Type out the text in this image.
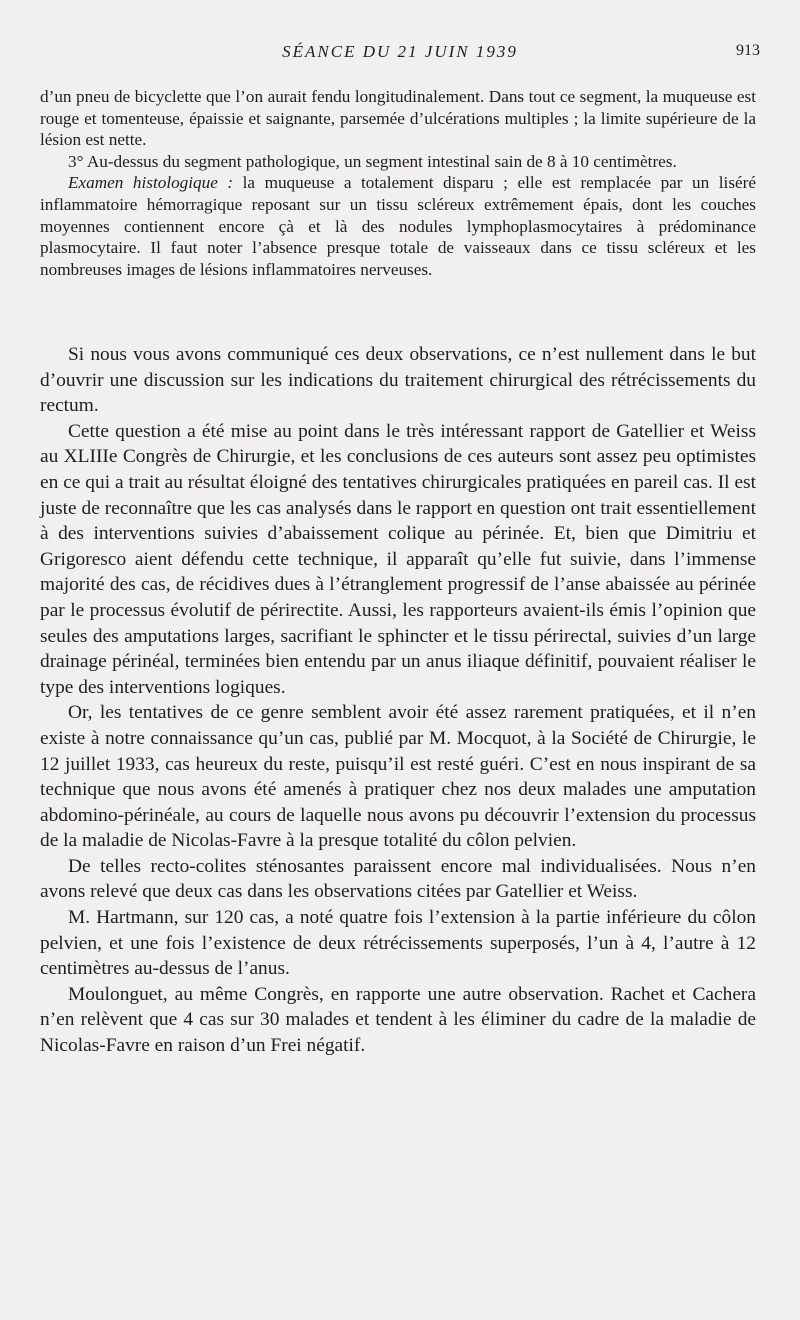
SÉANCE DU 21 JUIN 1939	913

d’un pneu de bicyclette que l’on aurait fendu longitudinalement. Dans tout ce segment, la muqueuse est rouge et tomenteuse, épaissie et saignante, parsemée d’ulcérations multiples ; la limite supérieure de la lésion est nette.

3° Au-dessus du segment pathologique, un segment intestinal sain de 8 à 10 centimètres.

Examen histologique : la muqueuse a totalement disparu ; elle est remplacée par un liséré inflammatoire hémorragique reposant sur un tissu scléreux extrêmement épais, dont les couches moyennes contiennent encore çà et là des nodules lymphoplasmocytaires à prédominance plasmocytaire. Il faut noter l’absence presque totale de vaisseaux dans ce tissu scléreux et les nombreuses images de lésions inflammatoires nerveuses.

Si nous vous avons communiqué ces deux observations, ce n’est nullement dans le but d’ouvrir une discussion sur les indications du traitement chirurgical des rétrécissements du rectum.

Cette question a été mise au point dans le très intéressant rapport de Gatellier et Weiss au XLIIIe Congrès de Chirurgie, et les conclusions de ces auteurs sont assez peu optimistes en ce qui a trait au résultat éloigné des tentatives chirurgicales pratiquées en pareil cas. Il est juste de reconnaître que les cas analysés dans le rapport en question ont trait essentiellement à des interventions suivies d’abaissement colique au périnée. Et, bien que Dimitriu et Grigoresco aient défendu cette technique, il apparaît qu’elle fut suivie, dans l’immense majorité des cas, de récidives dues à l’étranglement progressif de l’anse abaissée au périnée par le processus évolutif de périrectite. Aussi, les rapporteurs avaient-ils émis l’opinion que seules des amputations larges, sacrifiant le sphincter et le tissu périrectal, suivies d’un large drainage périnéal, terminées bien entendu par un anus iliaque définitif, pouvaient réaliser le type des interventions logiques.

Or, les tentatives de ce genre semblent avoir été assez rarement pratiquées, et il n’en existe à notre connaissance qu’un cas, publié par M. Mocquot, à la Société de Chirurgie, le 12 juillet 1933, cas heureux du reste, puisqu’il est resté guéri. C’est en nous inspirant de sa technique que nous avons été amenés à pratiquer chez nos deux malades une amputation abdomino-périnéale, au cours de laquelle nous avons pu découvrir l’extension du processus de la maladie de Nicolas-Favre à la presque totalité du côlon pelvien.

De telles recto-colites sténosantes paraissent encore mal individualisées. Nous n’en avons relevé que deux cas dans les observations citées par Gatellier et Weiss.

M. Hartmann, sur 120 cas, a noté quatre fois l’extension à la partie inférieure du côlon pelvien, et une fois l’existence de deux rétrécissements superposés, l’un à 4, l’autre à 12 centimètres au-dessus de l’anus.

Moulonguet, au même Congrès, en rapporte une autre observation. Rachet et Cachera n’en relèvent que 4 cas sur 30 malades et tendent à les éliminer du cadre de la maladie de Nicolas-Favre en raison d’un Frei négatif.
